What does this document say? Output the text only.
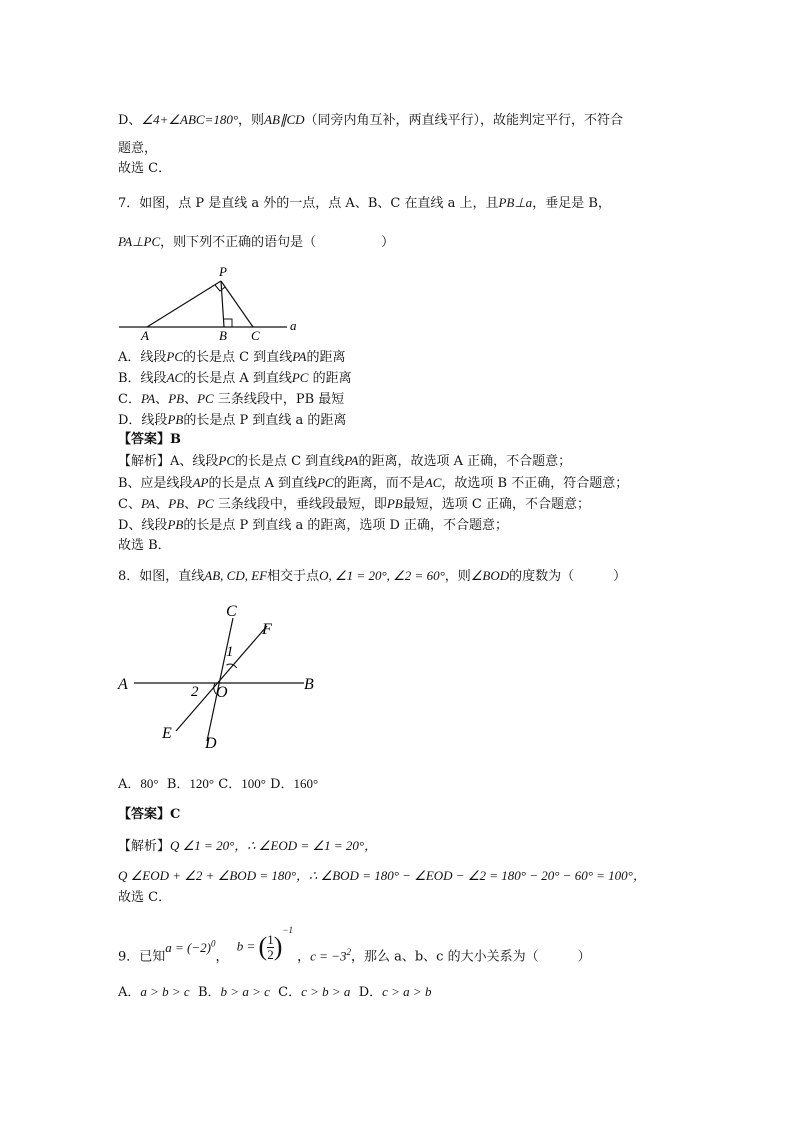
D、∠4+∠ABC=180°，则AB∥CD（同旁内角互补，两直线平行），故能判定平行，不符合
题意，
故选 C．
7．如图，点 P 是直线 a 外的一点，点 A、B、C 在直线 a 上，且PB⊥a，垂足是 B，
PA⊥PC，则下列不正确的语句是（　　　　　）
P
A	B C
a
A．线段PC的长是点 C 到直线PA的距离
B．线段AC的长是点 A 到直线PC 的距离
C．PA、PB、PC 三条线段中，PB 最短
D．线段PB的长是点 P 到直线 a 的距离
【答案】B
【解析】A、线段PC的长是点 C 到直线PA的距离，故选项 A 正确，不合题意；
B、应是线段AP的长是点 A 到直线PC的距离，而不是AC，故选项 B 不正确，符合题意；
C、PA、PB、PC 三条线段中，垂线段最短，即PB最短，选项 C 正确，不合题意；
D、线段PB的长是点 P 到直线 a 的距离，选项 D 正确，不合题意；
故选 B．
8．如图，直线AB, CD, EF相交于点O, ∠1 = 20°, ∠2 = 60°，则∠BOD的度数为（　　　）
C
F
1
A	2 O	B
E
D
A．80° B．120° C．100° D．160°
【答案】C
【解析】Q ∠1 = 20°，∴ ∠EOD = ∠1 = 20°，
Q ∠EOD + ∠2 + ∠BOD = 180°，∴ ∠BOD = 180° − ∠EOD − ∠2 = 180° − 20° − 60° = 100°，
故选 C．
9．已知$a = (-2)^0$，  b = ( $\frac{1}{2} )^{-1}$ ，$c = -3^2$，那么 a、b、c 的大小关系为（　　　）
A．a > b > c B．b > a > c C．c > b > a D．c > a > b
